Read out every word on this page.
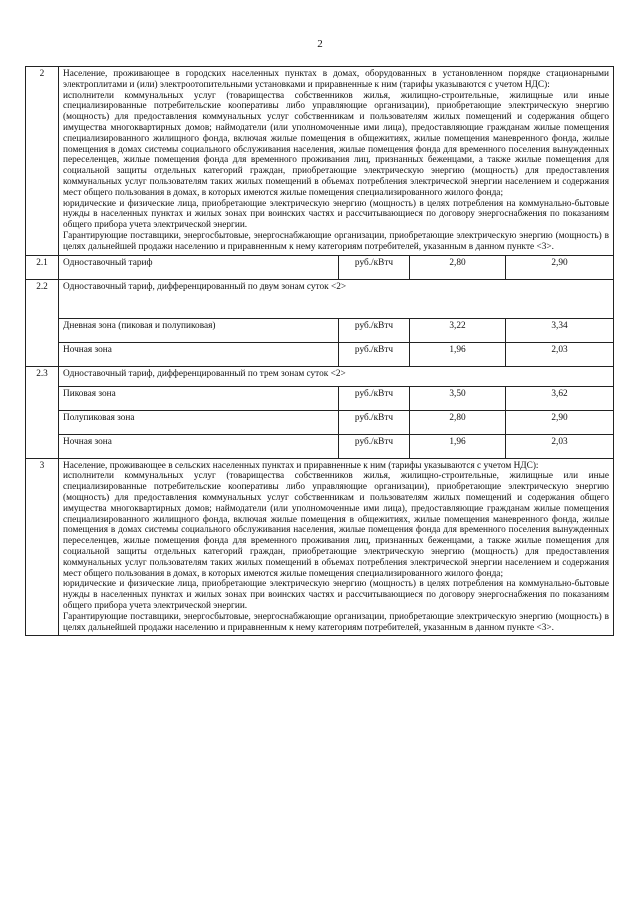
2
2	Население, проживающее в городских населенных пунктах в домах, оборудованных в установленном порядке стационарными электроплитами и (или) электроотопительными установками и приравненные к ним (тарифы указываются с учетом НДС):

исполнители коммунальных услуг (товарищества собственников жилья, жилищно-строительные, жилищные или иные специализированные потребительские кооперативы либо управляющие организации), приобретающие электрическую энергию (мощность) для предоставления коммунальных услуг собственникам и пользователям жилых помещений и содержания общего имущества многоквартирных домов; наймодатели (или уполномоченные ими лица), предоставляющие гражданам жилые помещения специализированного жилищного фонда, включая жилые помещения в общежитиях, жилые помещения маневренного фонда, жилые помещения в домах системы социального обслуживания населения, жилые помещения фонда для временного поселения вынужденных переселенцев, жилые помещения фонда для временного проживания лиц, признанных беженцами, а также жилые помещения для социальной защиты отдельных категорий граждан, приобретающие электрическую энергию (мощность) для предоставления коммунальных услуг пользователям таких жилых помещений в объемах потребления электрической энергии населением и содержания мест общего пользования в домах, в которых имеются жилые помещения специализированного жилого фонда;

юридические и физические лица, приобретающие электрическую энергию (мощность) в целях потребления на коммунально-бытовые нужды в населенных пунктах и жилых зонах при воинских частях и рассчитывающиеся по договору энергоснабжения по показаниям общего прибора учета электрической энергии.

Гарантирующие поставщики, энергосбытовые, энергоснабжающие организации, приобретающие электрическую энергию (мощность) в целях дальнейшей продажи населению и приравненным к нему категориям потребителей, указанным в данном пункте <3>.			

2.1	Одноставочный тариф	руб./кВтч	2,80	2,90
2.2	Одноставочный тариф, дифференцированный по двум зонам суток <2>			
	Дневная зона (пиковая и полупиковая)	руб./кВтч	3,22	3,34
	Ночная зона	руб./кВтч	1,96	2,03
2.3	Одноставочный тариф, дифференцированный по трем зонам суток <2>			
	Пиковая зона	руб./кВтч	3,50	3,62
	Полупиковая зона	руб./кВтч	2,80	2,90
	Ночная зона	руб./кВтч	1,96	2,03
3	Население, проживающее в сельских населенных пунктах и приравненные к ним (тарифы указываются с учетом НДС):

исполнители коммунальных услуг (товарищества собственников жилья, жилищно-строительные, жилищные или иные специализированные потребительские кооперативы либо управляющие организации), приобретающие электрическую энергию (мощность) для предоставления коммунальных услуг собственникам и пользователям жилых помещений и содержания общего имущества многоквартирных домов; наймодатели (или уполномоченные ими лица), предоставляющие гражданам жилые помещения специализированного жилищного фонда, включая жилые помещения в общежитиях, жилые помещения маневренного фонда, жилые помещения в домах системы социального обслуживания населения, жилые помещения фонда для временного поселения вынужденных переселенцев, жилые помещения фонда для временного проживания лиц, признанных беженцами, а также жилые помещения для социальной защиты отдельных категорий граждан, приобретающие электрическую энергию (мощность) для предоставления коммунальных услуг пользователям таких жилых помещений в объемах потребления электрической энергии населением и содержания мест общего пользования в домах, в которых имеются жилые помещения специализированного жилого фонда;

юридические и физические лица, приобретающие электрическую энергию (мощность) в целях потребления на коммунально-бытовые нужды в населенных пунктах и жилых зонах при воинских частях и рассчитывающиеся по договору энергоснабжения по показаниям общего прибора учета электрической энергии.

Гарантирующие поставщики, энергосбытовые, энергоснабжающие организации, приобретающие электрическую энергию (мощность) в целях дальнейшей продажи населению и приравненным к нему категориям потребителей, указанным в данном пункте <3>.			
